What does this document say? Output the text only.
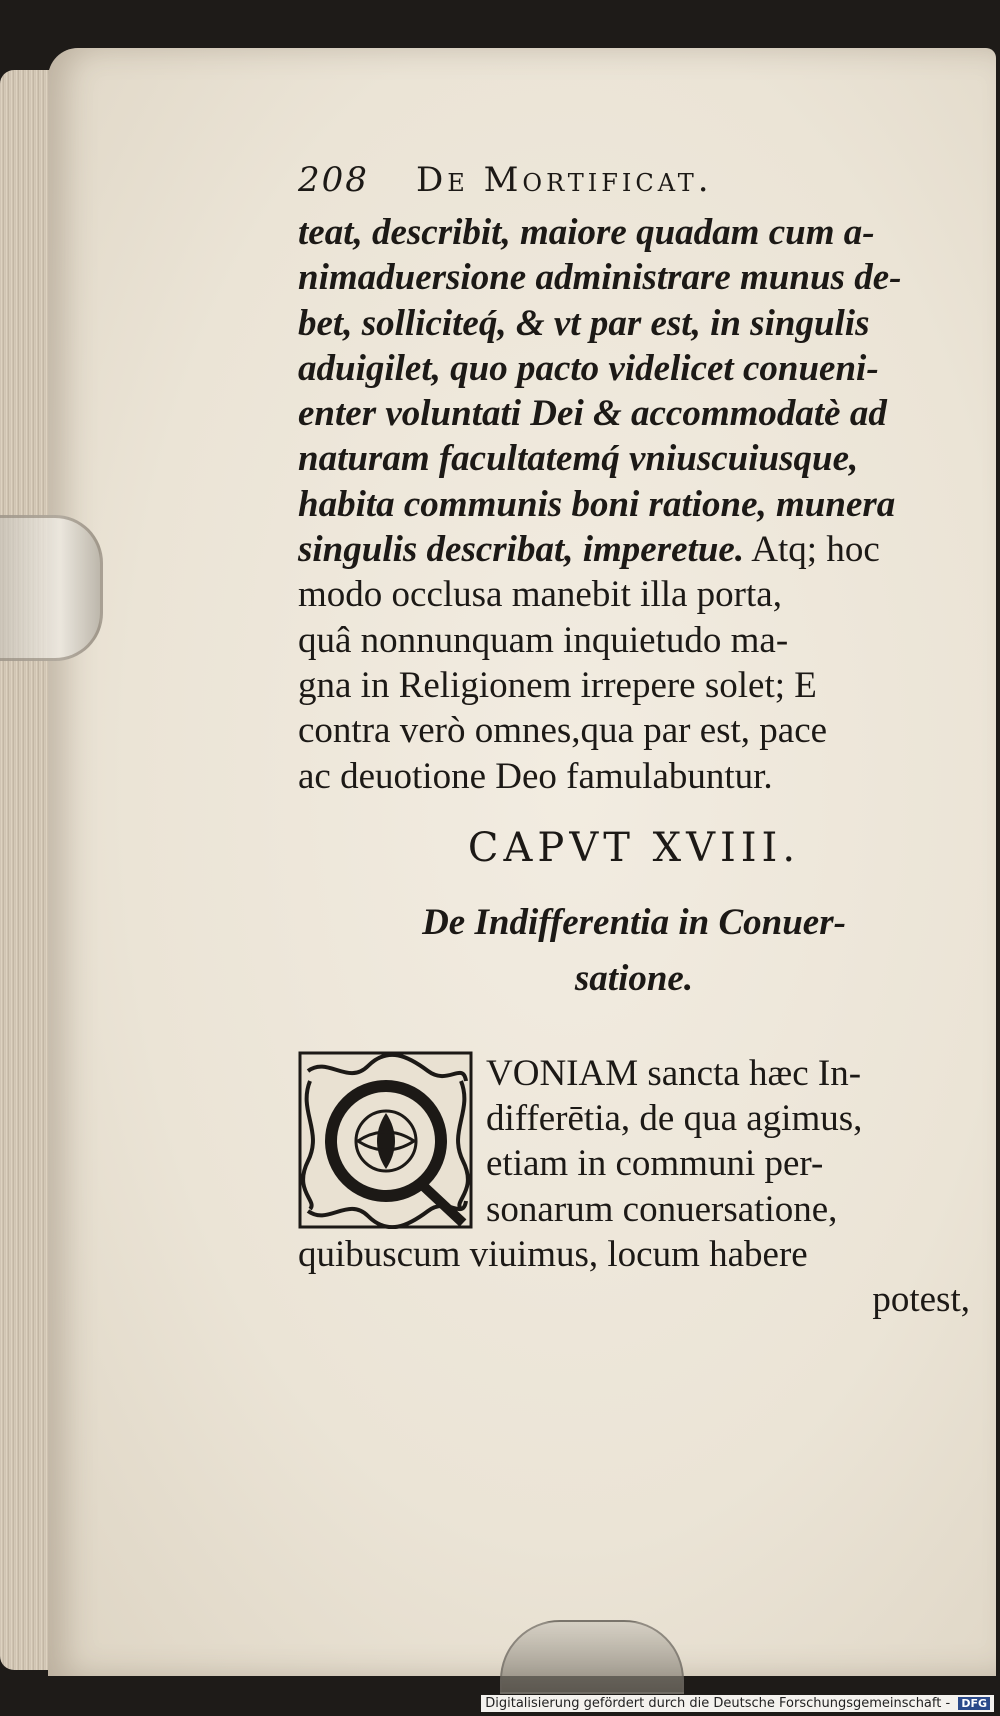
208 De Mortificat.
teat, describit, maiore quadam cum a-
nimaduersione administrare munus de-
bet, solliciteq́, & vt par est, in singulis
aduigilet, quo pacto videlicet conueni-
enter voluntati Dei & accommodatè ad
naturam facultatemq́ vniuscuiusque,
habita communis boni ratione, munera
singulis describat, imperetue. Atq; hoc
modo occlusa manebit illa porta,
quâ nonnunquam inquietudo ma-
gna in Religionem irrepere solet; E
contra verò omnes,qua par est, pace
ac deuotione Deo famulabuntur.
CAPVT XVIII.
De Indifferentia in Conuer-
satione.
Q
VONIAM sancta hæc In-
differētia, de qua agimus,
etiam in communi per-
sonarum conuersatione,
quibuscum viuimus, locum habere
potest,
Digitalisierung gefördert durch die Deutsche Forschungsgemeinschaft - DFG
